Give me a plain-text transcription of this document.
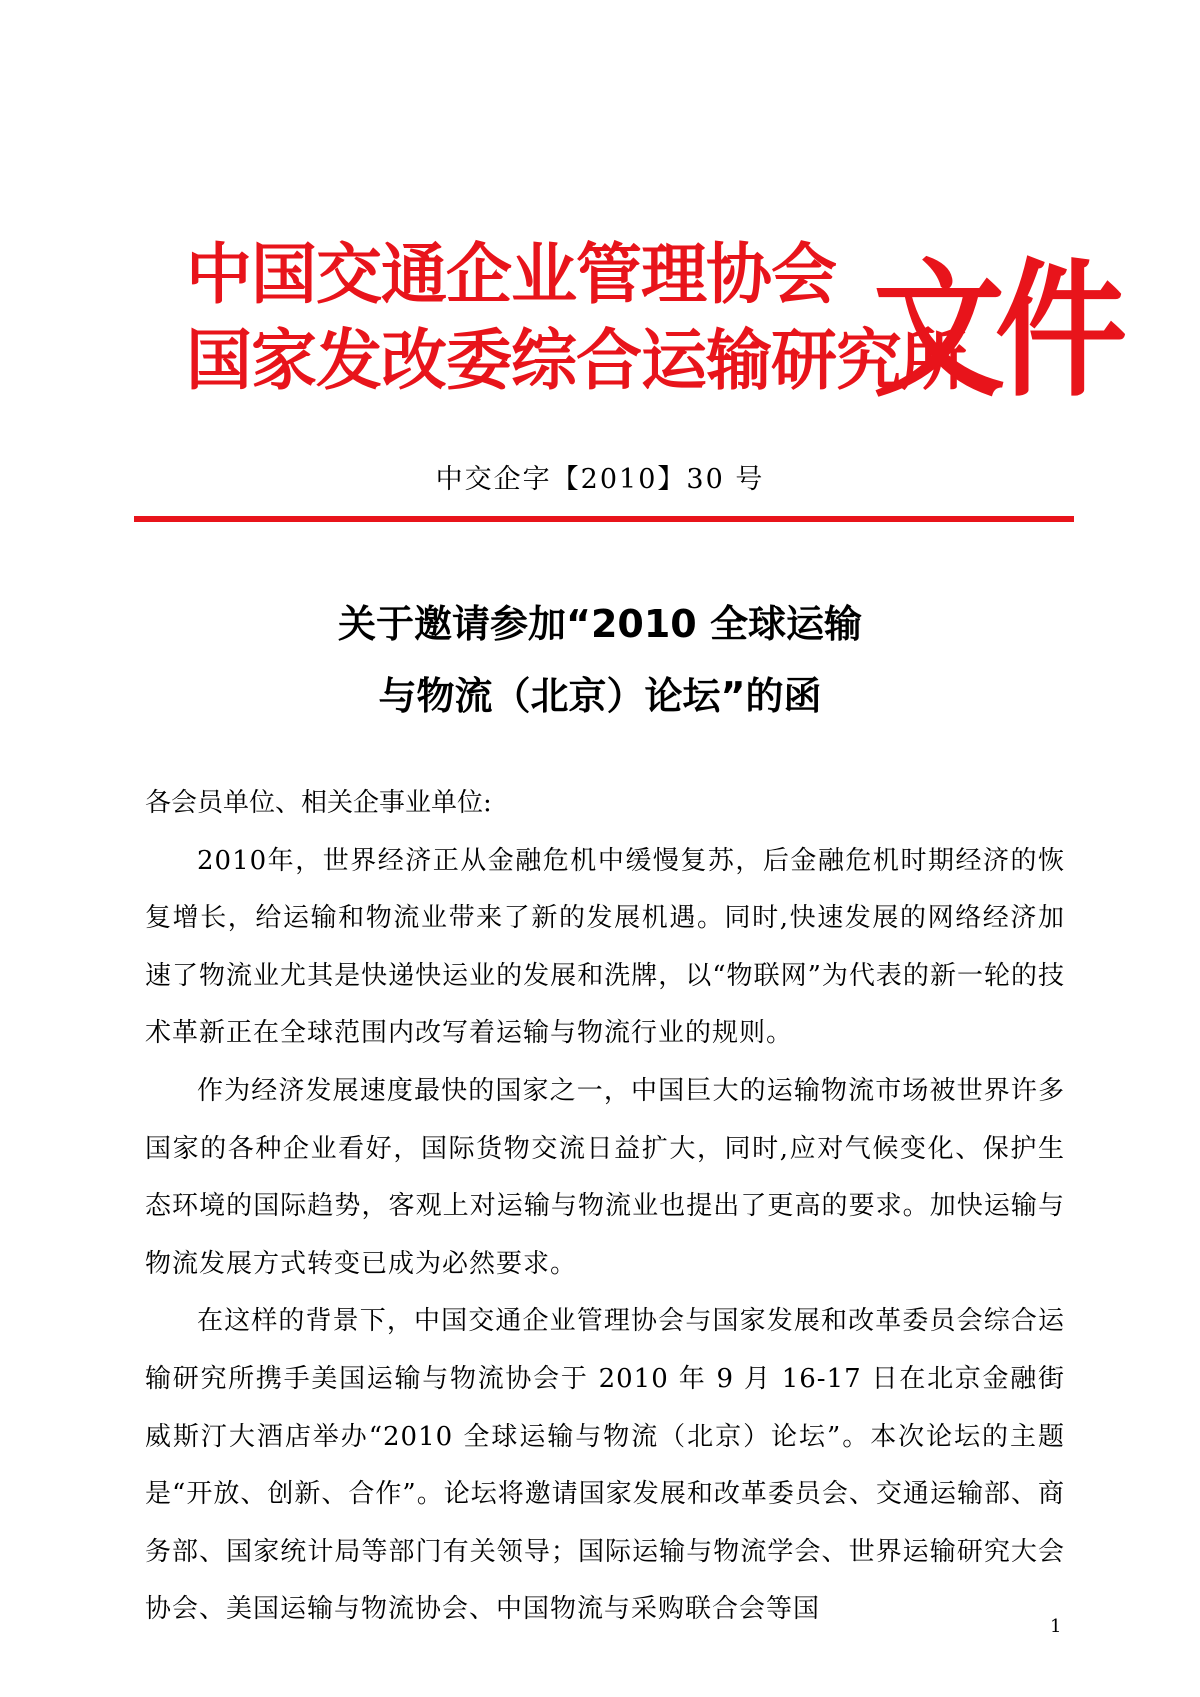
中国交通企业管理协会
国家发改委综合运输研究所
文件
中交企字【2010】30 号
关于邀请参加“2010 全球运输
与物流（北京）论坛”的函

各会员单位、相关企事业单位:

2010年，世界经济正从金融危机中缓慢复苏，后金融危机时期经济的恢复增长，给运输和物流业带来了新的发展机遇。同时,快速发展的网络经济加速了物流业尤其是快递快运业的发展和洗牌，以“物联网”为代表的新一轮的技术革新正在全球范围内改写着运输与物流行业的规则。

作为经济发展速度最快的国家之一，中国巨大的运输物流市场被世界许多国家的各种企业看好，国际货物交流日益扩大，同时,应对气候变化、保护生态环境的国际趋势，客观上对运输与物流业也提出了更高的要求。加快运输与物流发展方式转变已成为必然要求。

在这样的背景下，中国交通企业管理协会与国家发展和改革委员会综合运输研究所携手美国运输与物流协会于 2010 年 9 月 16-17 日在北京金融街威斯汀大酒店举办“2010 全球运输与物流（北京）论坛”。本次论坛的主题是“开放、创新、合作”。论坛将邀请国家发展和改革委员会、交通运输部、商务部、国家统计局等部门有关领导；国际运输与物流学会、世界运输研究大会协会、美国运输与物流协会、中国物流与采购联合会等国

1
